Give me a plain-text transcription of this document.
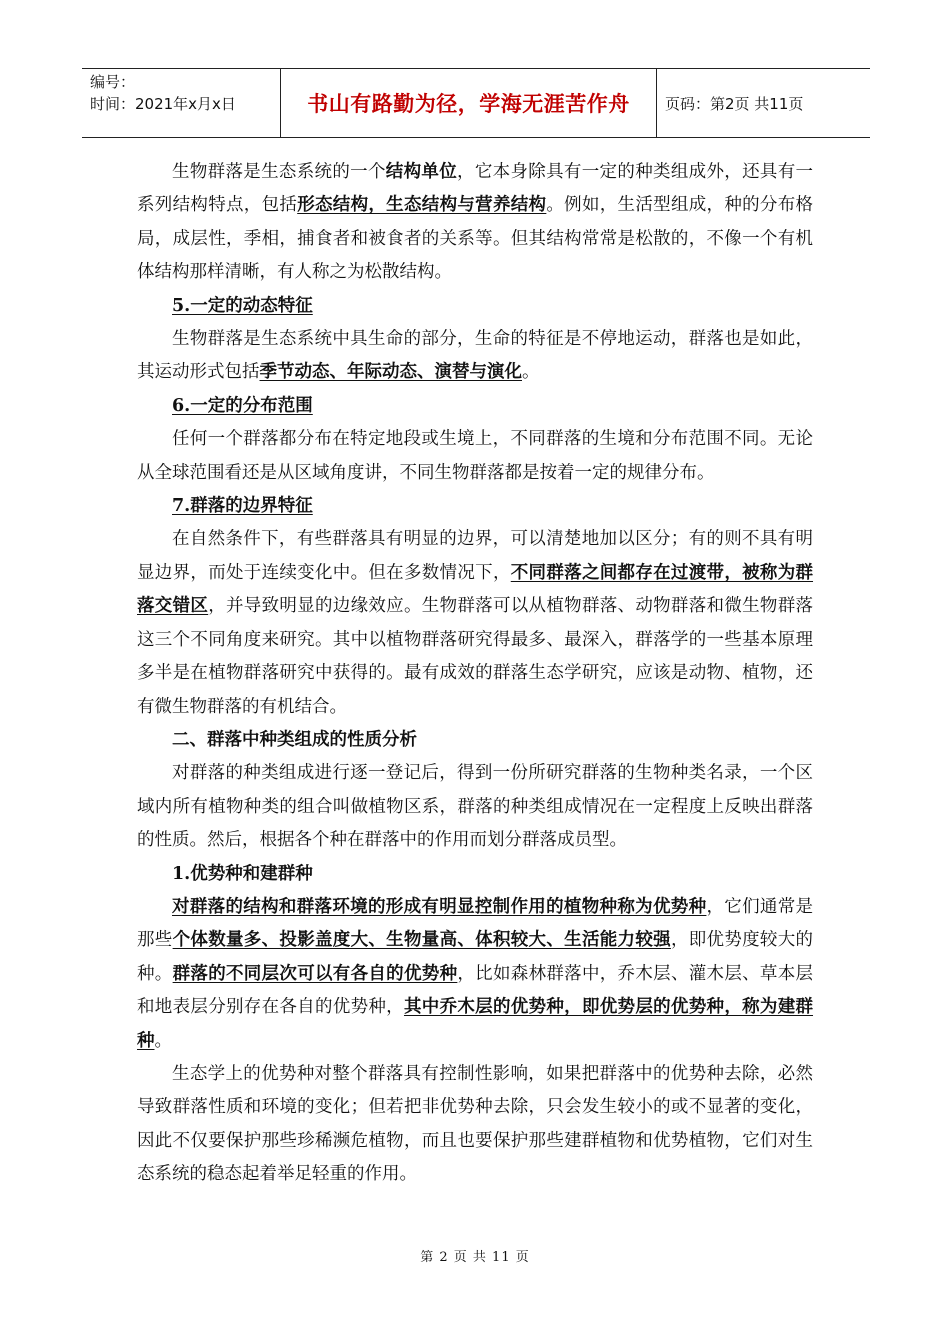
编号：
时间：2021年x月x日	书山有路勤为径，学海无涯苦作舟	页码：第2页 共11页

生物群落是生态系统的一个结构单位，它本身除具有一定的种类组成外，还具有一系列结构特点，包括形态结构，生态结构与营养结构。例如，生活型组成，种的分布格局，成层性，季相，捕食者和被食者的关系等。但其结构常常是松散的，不像一个有机体结构那样清晰，有人称之为松散结构。

5.一定的动态特征

生物群落是生态系统中具生命的部分，生命的特征是不停地运动，群落也是如此，其运动形式包括季节动态、年际动态、演替与演化。

6.一定的分布范围

任何一个群落都分布在特定地段或生境上，不同群落的生境和分布范围不同。无论从全球范围看还是从区域角度讲，不同生物群落都是按着一定的规律分布。

7.群落的边界特征

在自然条件下，有些群落具有明显的边界，可以清楚地加以区分；有的则不具有明显边界，而处于连续变化中。但在多数情况下，不同群落之间都存在过渡带，被称为群落交错区，并导致明显的边缘效应。生物群落可以从植物群落、动物群落和微生物群落这三个不同角度来研究。其中以植物群落研究得最多、最深入，群落学的一些基本原理多半是在植物群落研究中获得的。最有成效的群落生态学研究，应该是动物、植物，还有微生物群落的有机结合。

二、群落中种类组成的性质分析

对群落的种类组成进行逐一登记后，得到一份所研究群落的生物种类名录，一个区域内所有植物种类的组合叫做植物区系，群落的种类组成情况在一定程度上反映出群落的性质。然后，根据各个种在群落中的作用而划分群落成员型。

1.优势种和建群种

对群落的结构和群落环境的形成有明显控制作用的植物种称为优势种，它们通常是那些个体数量多、投影盖度大、生物量高、体积较大、生活能力较强，即优势度较大的种。群落的不同层次可以有各自的优势种，比如森林群落中，乔木层、灌木层、草本层和地表层分别存在各自的优势种，其中乔木层的优势种，即优势层的优势种，称为建群种。

生态学上的优势种对整个群落具有控制性影响，如果把群落中的优势种去除，必然导致群落性质和环境的变化；但若把非优势种去除，只会发生较小的或不显著的变化，因此不仅要保护那些珍稀濒危植物，而且也要保护那些建群植物和优势植物，它们对生态系统的稳态起着举足轻重的作用。

第 2 页 共 11 页
